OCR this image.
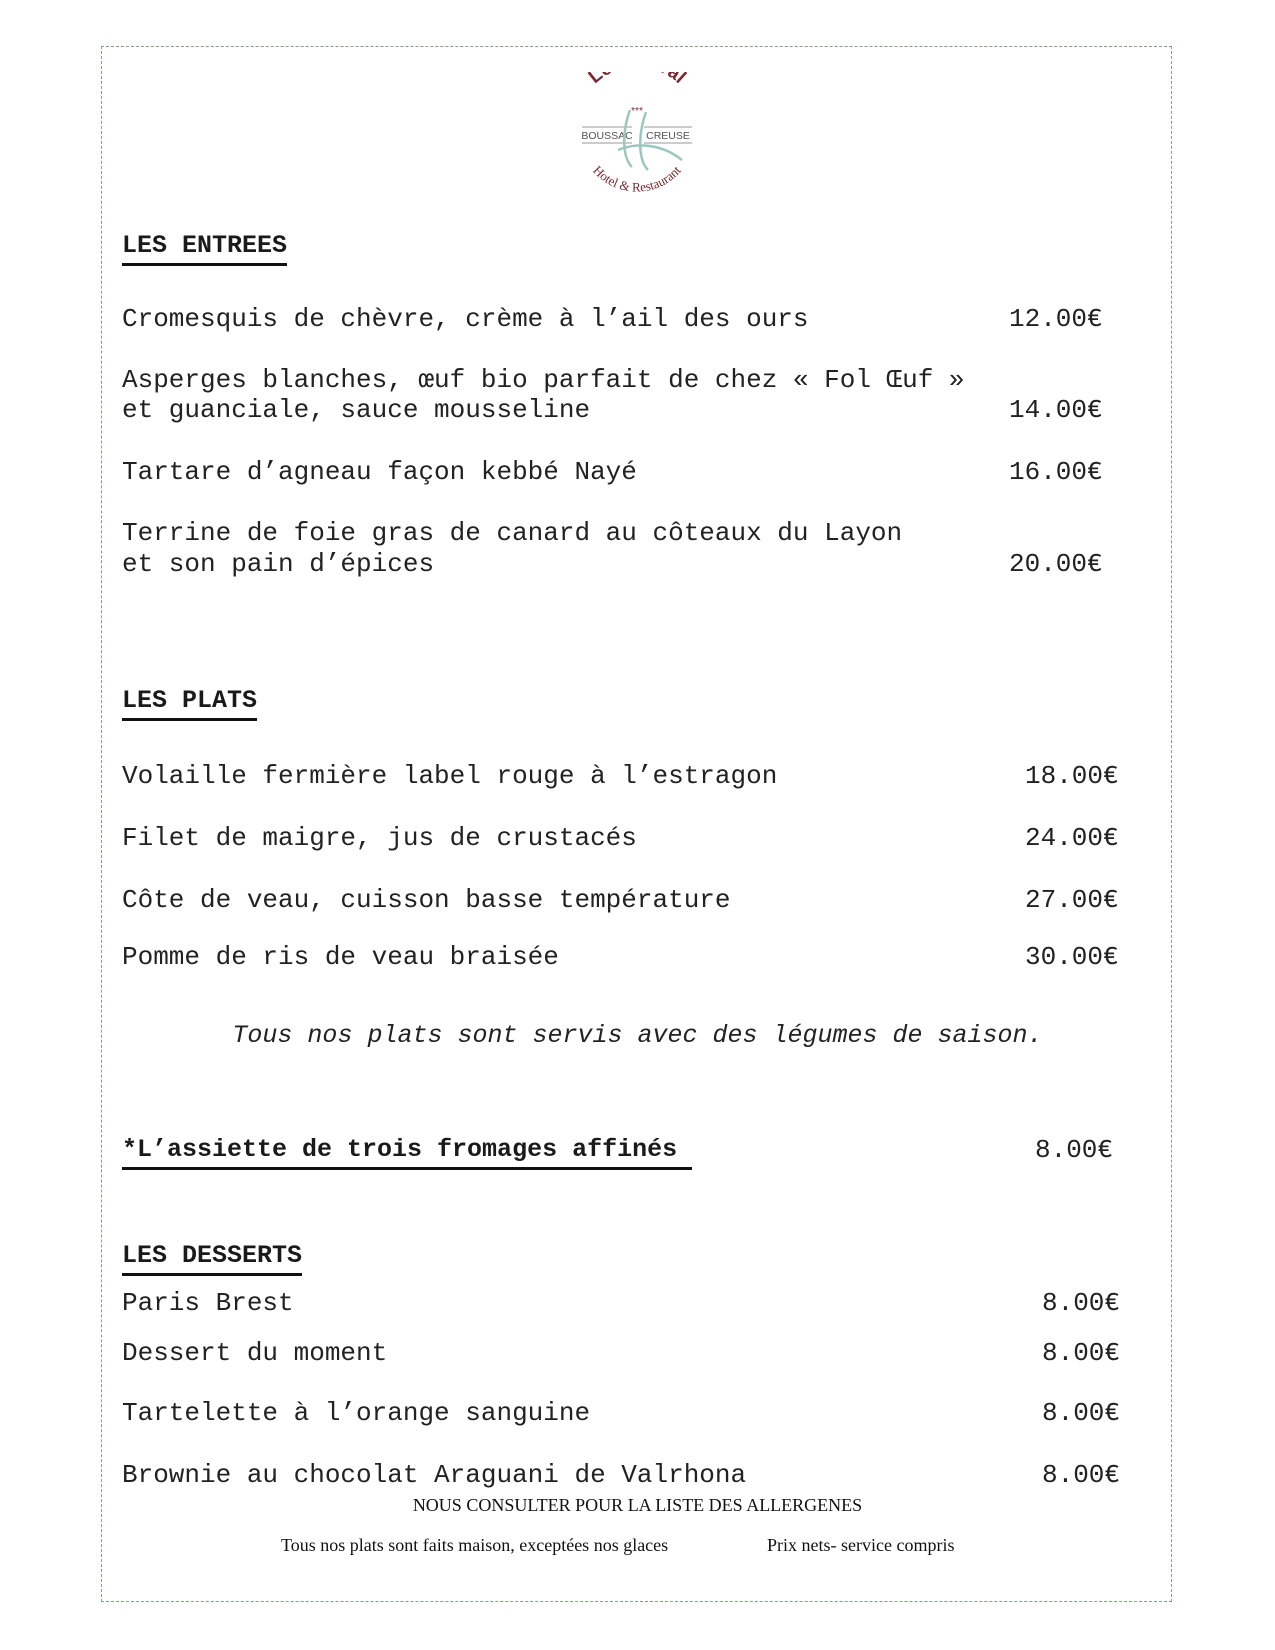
L al
***
BOUSSAC CREUSE
Hotel & Restaurant
LES ENTREES
Cromesquis de chèvre, crème à l’ail des ours	12.00€
Asperges blanches, œuf bio parfait de chez « Fol Œuf »
et guanciale, sauce mousseline	14.00€
Tartare d’agneau façon kebbé Nayé	16.00€
Terrine de foie gras de canard au côteaux du Layon
et son pain d’épices	20.00€
LES PLATS
Volaille fermière label rouge à l’estragon	18.00€
Filet de maigre, jus de crustacés	24.00€
Côte de veau, cuisson basse température	27.00€
Pomme de ris de veau braisée	30.00€
Tous nos plats sont servis avec des légumes de saison.
*L’assiette de trois fromages affinés	8.00€
LES DESSERTS
Paris Brest	8.00€
Dessert du moment	8.00€
Tartelette à l’orange sanguine	8.00€
Brownie au chocolat Araguani de Valrhona	8.00€
NOUS CONSULTER POUR LA LISTE DES ALLERGENES
Tous nos plats sont faits maison, exceptées nos glaces	Prix nets- service compris
